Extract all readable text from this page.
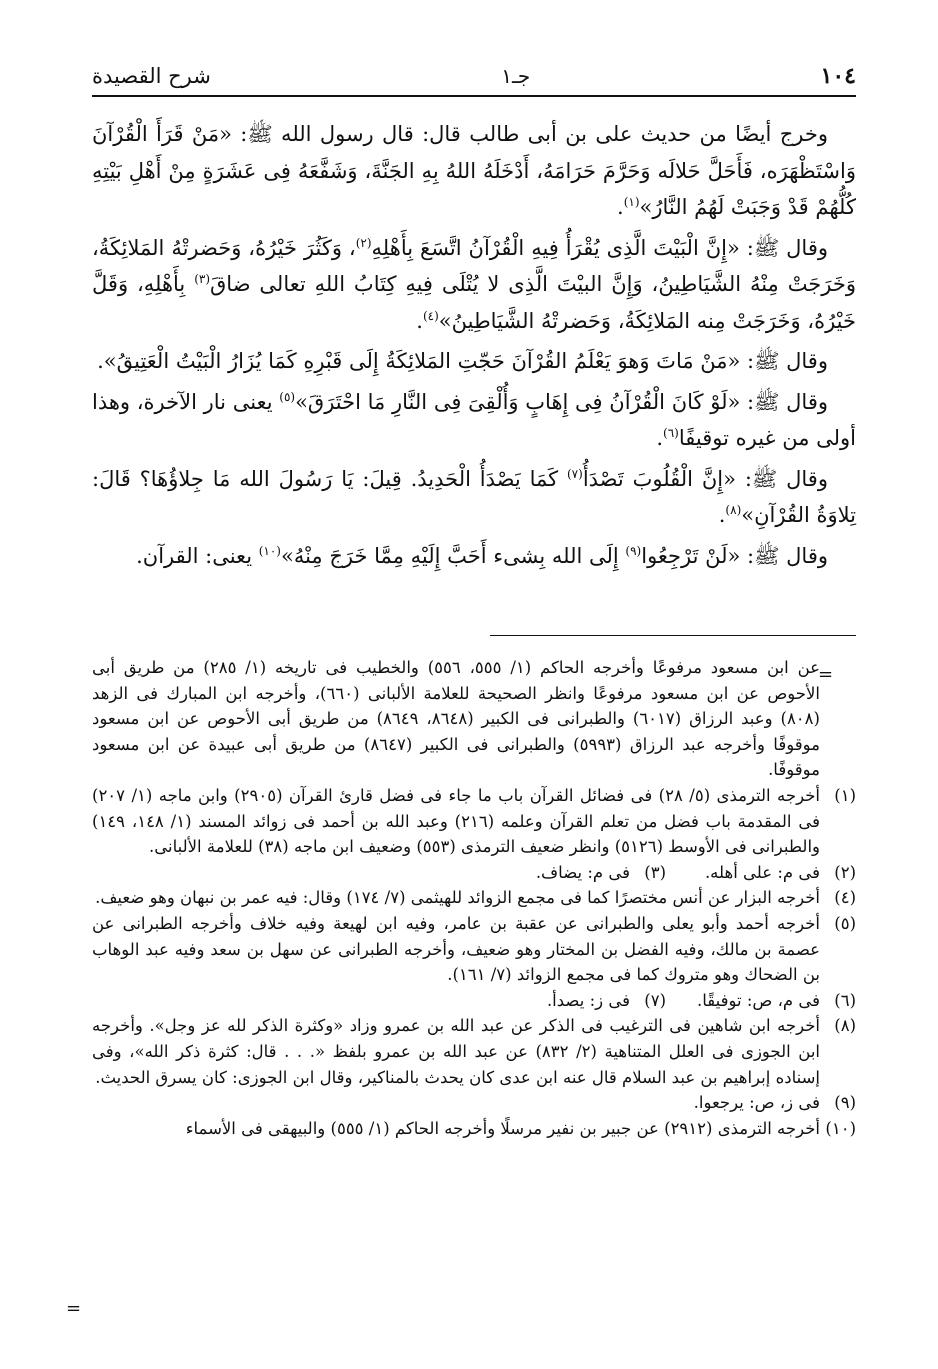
شرح القصيدة	جـ١	١٠٤

وخرج أيضًا من حديث على بن أبى طالب قال: قال رسول الله ﷺ: «مَنْ قَرَأَ الْقُرْآنَ وَاسْتَظْهَرَه، فَأَحَلَّ حَلالَه وَحَرَّمَ حَرَامَهُ، أَدْخَلَهُ اللهُ بِهِ الجَنَّةَ، وَشَفَّعَهُ فِى عَشَرَةٍ مِنْ أَهْلِ بَيْتِهِ كُلُّهُمْ قَدْ وَجَبَتْ لَهُمُ النَّارُ»$^{(١)}$.

وقال ﷺ: «إِنَّ الْبَيْتَ الَّذِى يُقْرَأُ فِيهِ الْقُرْآنُ اتَّسَعَ بِأَهْلِهِ$^{(٢)}$، وَكَثُرَ خَيْرُهُ، وَحَضرتْهُ المَلائِكَةُ، وَخَرَجَتْ مِنْهُ الشَّيَاطِينُ، وَإِنَّ البيْتَ الَّذِى لا يُتْلَى فِيهِ كِتَابُ اللهِ تعالى ضاقَ$^{(٣)}$ بِأَهْلِهِ، وَقَلَّ خَيْرُهُ، وَخَرَجَتْ مِنه المَلائِكَةُ، وَحَضرتْهُ الشَّيَاطِينُ»$^{(٤)}$.

وقال ﷺ: «مَنْ مَاتَ وَهوَ يَعْلَمُ القُرْآنَ حَجّتِ المَلائِكَةُ إِلَى قَبْرِهِ كَمَا يُزَارُ الْبَيْتُ الْعَتِيقُ».

وقال ﷺ: «لَوْ كَانَ الْقُرْآنُ فِى إِهَابٍ وَأُلْقِىَ فِى النَّارِ مَا احْتَرَقَ»$^{(٥)}$ يعنى نار الآخرة، وهذا أولى من غيره توقيفًا$^{(٦)}$.

وقال ﷺ: «إِنَّ الْقُلُوبَ تَصْدَأُ$^{(٧)}$ كَمَا يَصْدَأُ الْحَدِيدُ. قِيلَ: يَا رَسُولَ الله مَا جِلاؤُهَا؟ قَالَ: تِلاوَةُ القُرْآنِ»$^{(٨)}$.

وقال ﷺ: «لَنْ تَرْجِعُوا$^{(٩)}$ إِلَى الله بِشىء أَحَبَّ إِلَيْهِ مِمَّا خَرَجَ مِنْهُ»$^{(١٠)}$ يعنى: القرآن.

=
عن ابن مسعود مرفوعًا وأخرجه الحاكم (١/ ٥٥٥، ٥٥٦) والخطيب فى تاريخه (١/ ٢٨٥) من طريق أبى الأحوص عن ابن مسعود مرفوعًا وانظر الصحيحة للعلامة الألبانى (٦٦٠)، وأخرجه ابن المبارك فى الزهد (٨٠٨) وعبد الرزاق (٦٠١٧) والطبرانى فى الكبير (٨٦٤٨، ٨٦٤٩) من طريق أبى الأحوص عن ابن مسعود موقوفًا وأخرجه عبد الرزاق (٥٩٩٣) والطبرانى فى الكبير (٨٦٤٧) من طريق أبى عبيدة عن ابن مسعود موقوفًا.
(١)
أخرجه الترمذى (٥/ ٢٨) فى فضائل القرآن باب ما جاء فى فضل قارئ القرآن (٢٩٠٥) وابن ماجه (١/ ٢٠٧) فى المقدمة باب فضل من تعلم القرآن وعلمه (٢١٦) وعبد الله بن أحمد فى زوائد المسند (١/ ١٤٨، ١٤٩) والطبرانى فى الأوسط (٥١٢٦) وانظر ضعيف الترمذى (٥٥٣) وضعيف ابن ماجه (٣٨) للعلامة الألبانى.
(٢)
فى م: على أهله.
(٣)
فى م: يضاف.
(٤)
أخرجه البزار عن أنس مختصرًا كما فى مجمع الزوائد للهيثمى (٧/ ١٧٤) وقال: فيه عمر بن نبهان وهو ضعيف.
(٥)
أخرجه أحمد وأبو يعلى والطبرانى عن عقبة بن عامر، وفيه ابن لهيعة وفيه خلاف وأخرجه الطبرانى عن عصمة بن مالك، وفيه الفضل بن المختار وهو ضعيف، وأخرجه الطبرانى عن سهل بن سعد وفيه عبد الوهاب بن الضحاك وهو متروك كما فى مجمع الزوائد (٧/ ١٦١).
(٦)
فى م، ص: توفيقًا.
(٧)
فى ز: يصدأ.
(٨)
أخرجه ابن شاهين فى الترغيب فى الذكر عن عبد الله بن عمرو وزاد «وكثرة الذكر لله عز وجل». وأخرجه ابن الجوزى فى العلل المتناهية (٢/ ٨٣٢) عن عبد الله بن عمرو بلفظ «. . . قال: كثرة ذكر الله»، وفى إسناده إبراهيم بن عبد السلام قال عنه ابن عدى كان يحدث بالمناكير، وقال ابن الجوزى: كان يسرق الحديث.
(٩)
فى ز، ص: يرجعوا.
(١٠)
أخرجه الترمذى (٢٩١٢) عن جبير بن نفير مرسلًا وأخرجه الحاكم (١/ ٥٥٥) والبيهقى فى الأسماء
=
